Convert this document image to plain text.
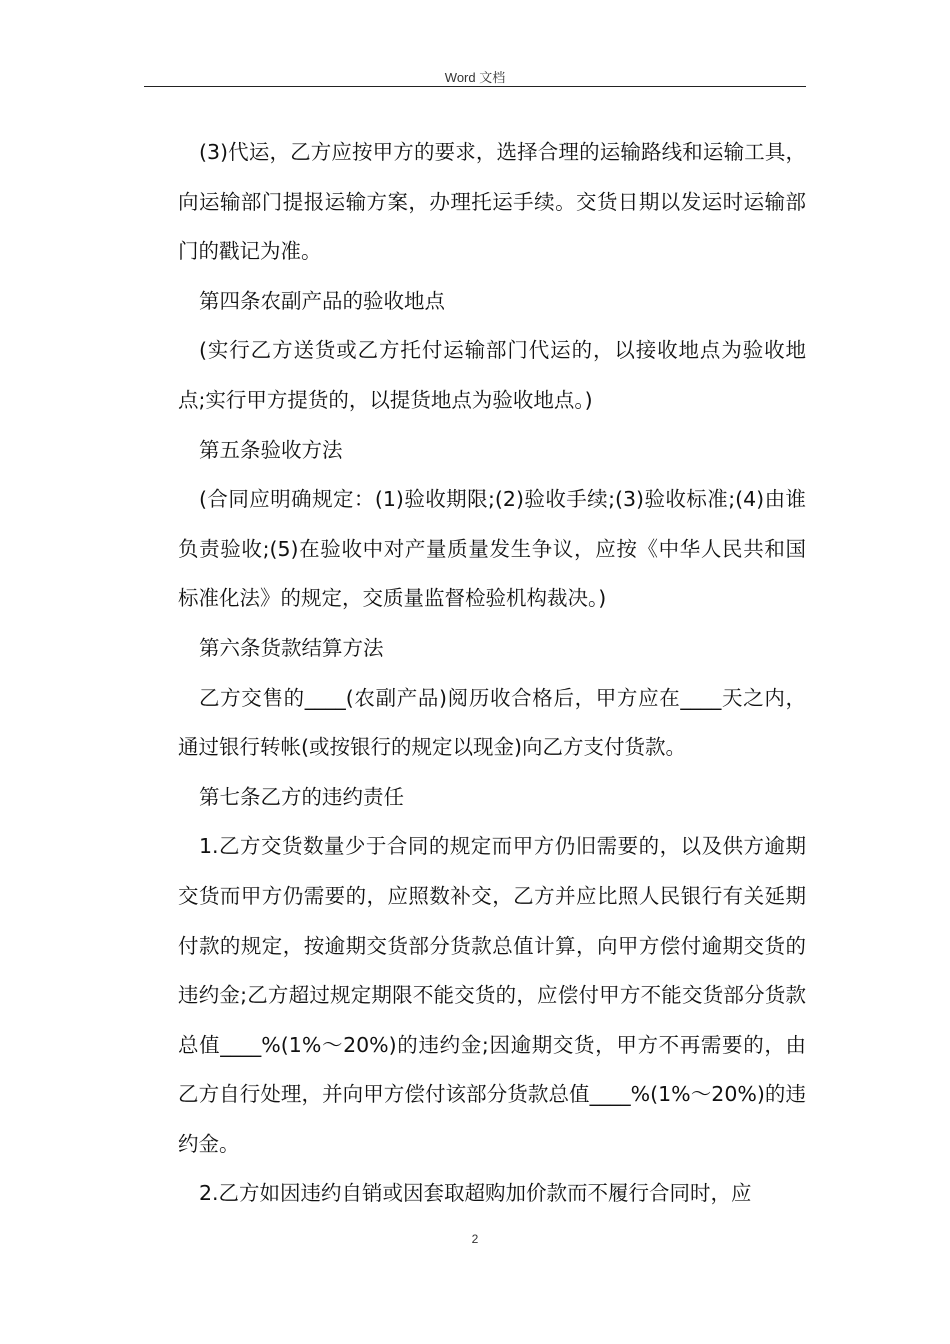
Word 文档

(3)代运，乙方应按甲方的要求，选择合理的运输路线和运输工具，向运输部门提报运输方案，办理托运手续。交货日期以发运时运输部门的戳记为准。

第四条农副产品的验收地点

(实行乙方送货或乙方托付运输部门代运的，以接收地点为验收地点;实行甲方提货的，以提货地点为验收地点。)

第五条验收方法

(合同应明确规定：(1)验收期限;(2)验收手续;(3)验收标准;(4)由谁负责验收;(5)在验收中对产量质量发生争议，应按《中华人民共和国标准化法》的规定，交质量监督检验机构裁决。)

第六条货款结算方法

乙方交售的____(农副产品)阅历收合格后，甲方应在____天之内，通过银行转帐(或按银行的规定以现金)向乙方支付货款。

第七条乙方的违约责任

1.乙方交货数量少于合同的规定而甲方仍旧需要的，以及供方逾期交货而甲方仍需要的，应照数补交，乙方并应比照人民银行有关延期付款的规定，按逾期交货部分货款总值计算，向甲方偿付逾期交货的违约金;乙方超过规定期限不能交货的，应偿付甲方不能交货部分货款总值____%(1%～20%)的违约金;因逾期交货，甲方不再需要的，由乙方自行处理，并向甲方偿付该部分货款总值____%(1%～20%)的违约金。

2.乙方如因违约自销或因套取超购加价款而不履行合同时，应

2
